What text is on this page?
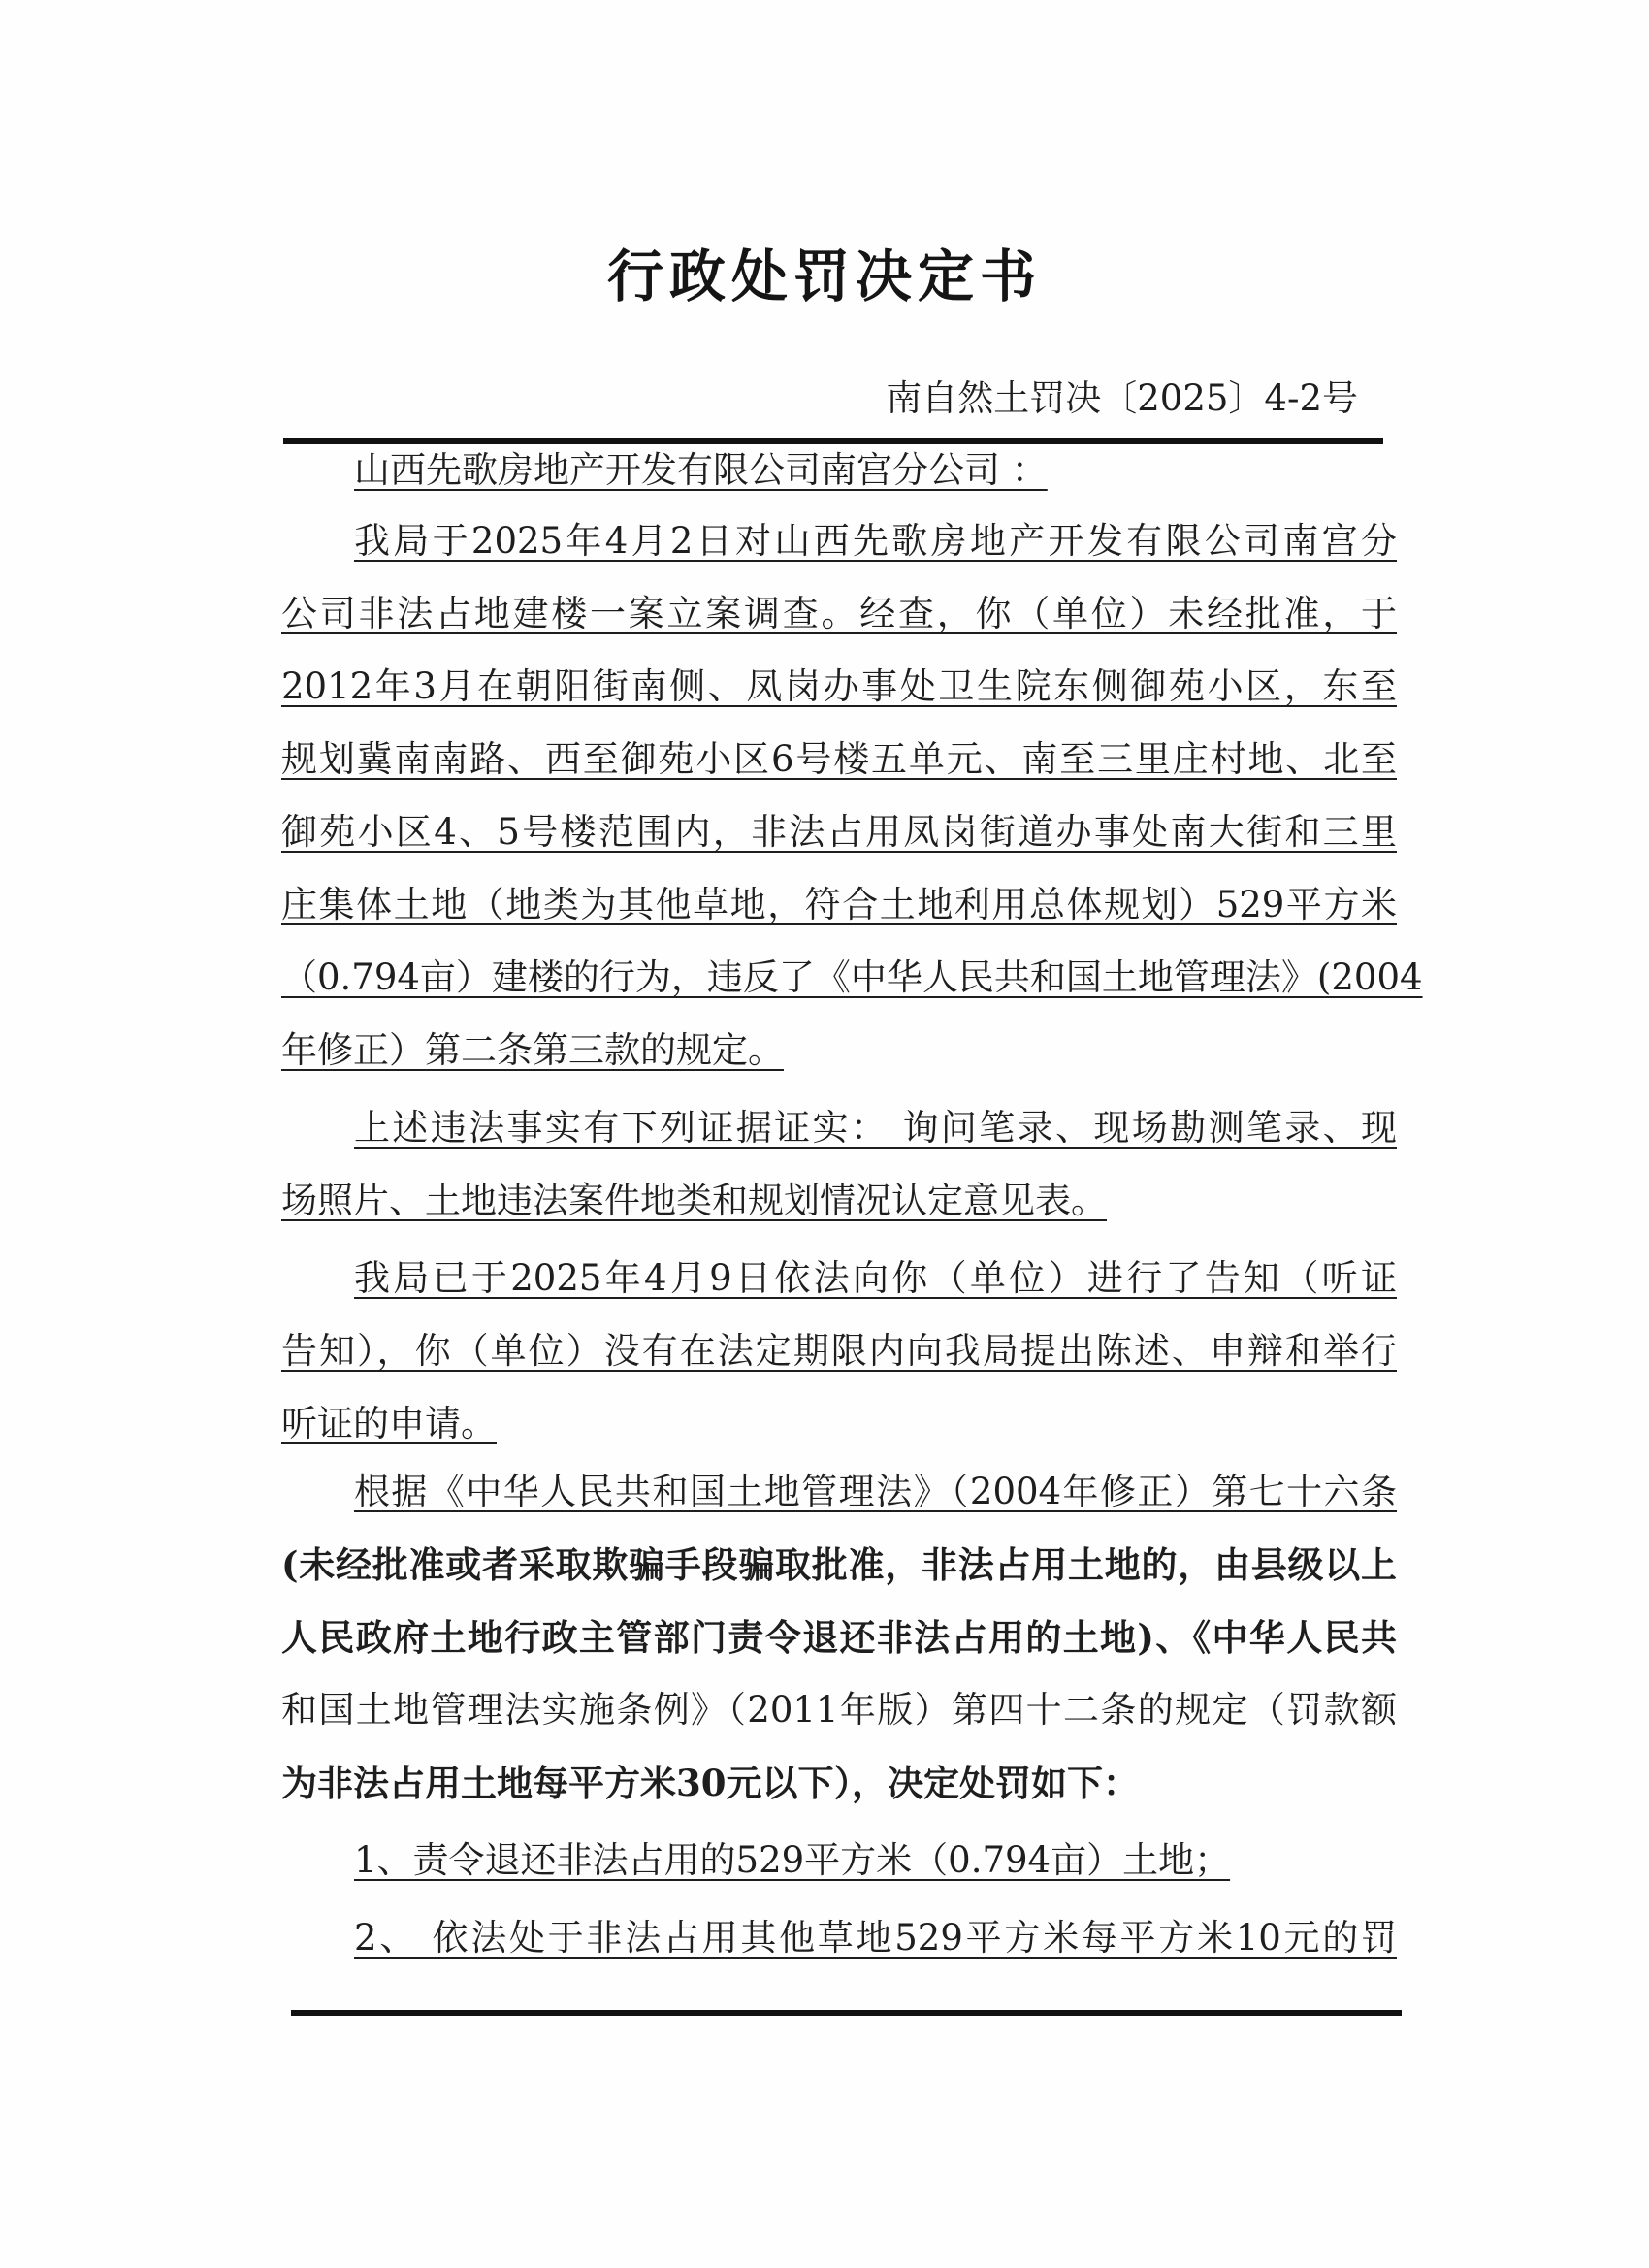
行政处罚决定书
南自然土罚决〔2025〕4-2号
山西先歌房地产开发有限公司南宫分公司 ：
我局于2025年4月2日对山西先歌房地产开发有限公司南宫分
公司非法占地建楼一案立案调查。经查，你（单位）未经批准，于
2012年3月在朝阳街南侧、凤岗办事处卫生院东侧御苑小区，东至
规划冀南南路、西至御苑小区6号楼五单元、南至三里庄村地、北至
御苑小区4、5号楼范围内，非法占用凤岗街道办事处南大街和三里
庄集体土地（地类为其他草地，符合土地利用总体规划）529平方米
（0.794亩）建楼的行为，违反了《中华人民共和国土地管理法》(2004
年修正）第二条第三款的规定。
上述违法事实有下列证据证实： 询问笔录、现场勘测笔录、现
场照片、土地违法案件地类和规划情况认定意见表。
我局已于2025年4月9日依法向你（单位）进行了告知（听证
告知），你（单位）没有在法定期限内向我局提出陈述、申辩和举行
听证的申请。
根据《中华人民共和国土地管理法》（2004年修正）第七十六条
(未经批准或者采取欺骗手段骗取批准，非法占用土地的，由县级以上
人民政府土地行政主管部门责令退还非法占用的土地)、《中华人民共
和国土地管理法实施条例》（2011年版）第四十二条的规定（罚款额
为非法占用土地每平方米30元以下），决定处罚如下：
1、责令退还非法占用的529平方米（0.794亩）土地；
2、 依法处于非法占用其他草地529平方米每平方米10元的罚
